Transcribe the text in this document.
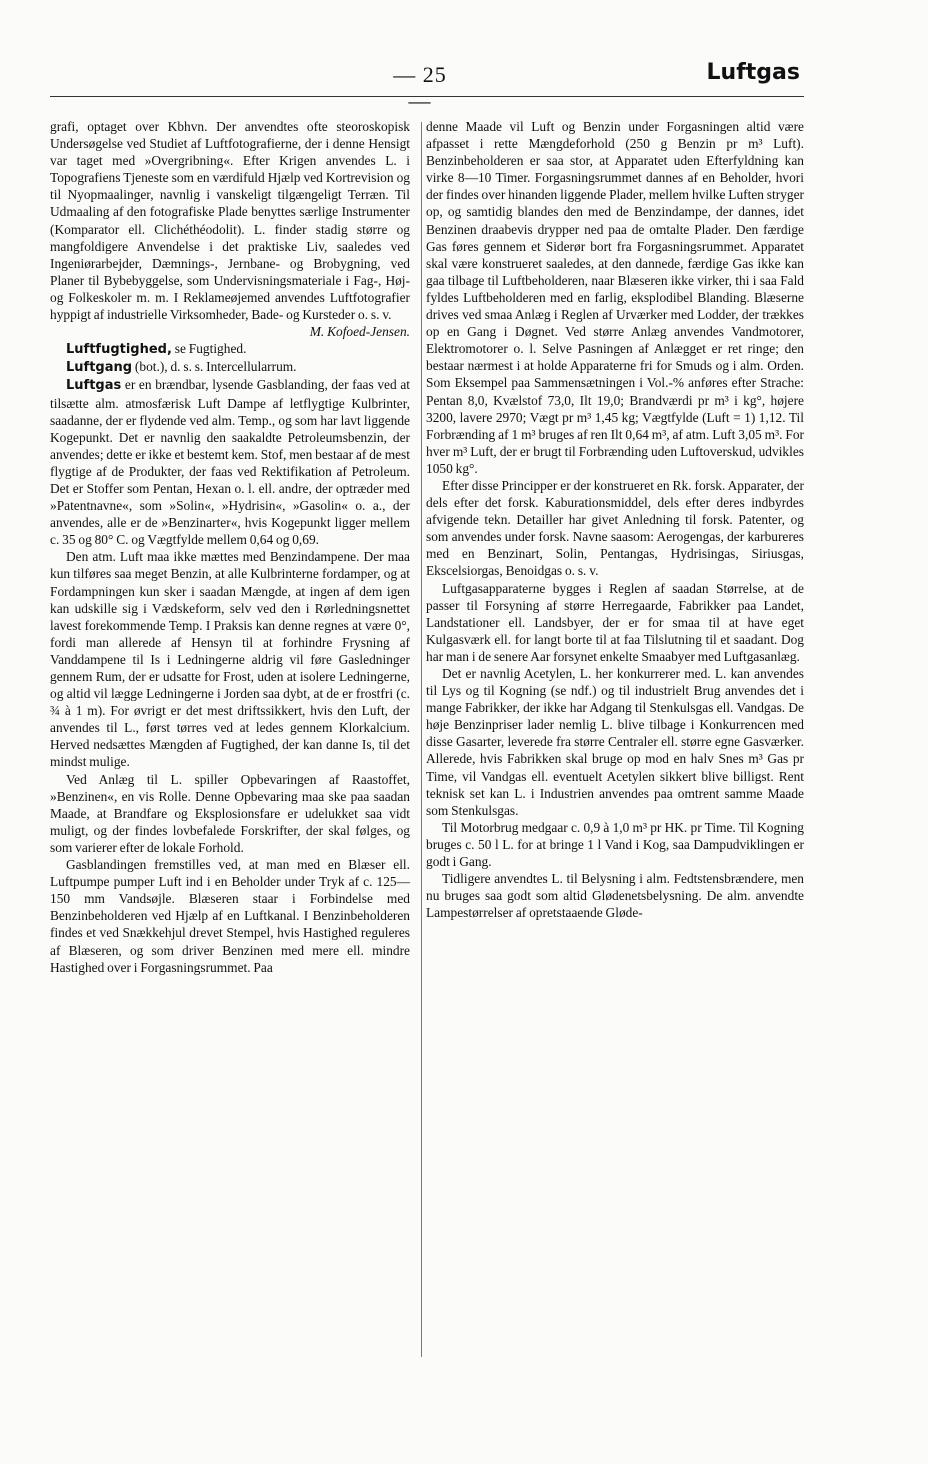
— 25 —
Luftgas

grafi, optaget over Kbhvn. Der anvendtes ofte steoroskopisk Undersøgelse ved Studiet af Luftfotografierne, der i denne Hensigt var taget med »Overgribning«. Efter Krigen anvendes L. i Topografiens Tjeneste som en værdifuld Hjælp ved Kortrevision og til Nyopmaalinger, navnlig i vanskeligt tilgængeligt Terræn. Til Udmaaling af den fotografiske Plade benyttes særlige Instrumenter (Komparator ell. Clichéthéodolit). L. finder stadig større og mangfoldigere Anvendelse i det praktiske Liv, saaledes ved Ingeniørarbejder, Dæmnings-, Jernbane- og Brobygning, ved Planer til Bybebyggelse, som Undervisningsmateriale i Fag-, Høj- og Folkeskoler m. m. I Reklameøjemed anvendes Luftfotografier hyppigt af industrielle Virksomheder, Bade- og Kursteder o. s. v.

M. Kofoed-Jensen.

Luftfugtighed, se Fugtighed.

Luftgang (bot.), d. s. s. Intercellularrum.

Luftgas er en brændbar, lysende Gasblanding, der faas ved at tilsætte alm. atmosfærisk Luft Dampe af letflygtige Kulbrinter, saadanne, der er flydende ved alm. Temp., og som har lavt liggende Kogepunkt. Det er navnlig den saakaldte Petroleumsbenzin, der anvendes; dette er ikke et bestemt kem. Stof, men bestaar af de mest flygtige af de Produkter, der faas ved Rektifikation af Petroleum. Det er Stoffer som Pentan, Hexan o. l. ell. andre, der optræder med »Patentnavne«, som »Solin«, »Hydrisin«, »Gasolin« o. a., der anvendes, alle er de »Benzinarter«, hvis Kogepunkt ligger mellem c. 35 og 80° C. og Vægtfylde mellem 0,64 og 0,69.

Den atm. Luft maa ikke mættes med Benzindampene. Der maa kun tilføres saa meget Benzin, at alle Kulbrinterne fordamper, og at Fordampningen kun sker i saadan Mængde, at ingen af dem igen kan udskille sig i Vædskeform, selv ved den i Rørledningsnettet lavest forekommende Temp. I Praksis kan denne regnes at være 0°, fordi man allerede af Hensyn til at forhindre Frysning af Vanddampene til Is i Ledningerne aldrig vil føre Gasledninger gennem Rum, der er udsatte for Frost, uden at isolere Ledningerne, og altid vil lægge Ledningerne i Jorden saa dybt, at de er frostfri (c. ¾ à 1 m). For øvrigt er det mest driftssikkert, hvis den Luft, der anvendes til L., først tørres ved at ledes gennem Klorkalcium. Herved nedsættes Mængden af Fugtighed, der kan danne Is, til det mindst mulige.

Ved Anlæg til L. spiller Opbevaringen af Raastoffet, »Benzinen«, en vis Rolle. Denne Opbevaring maa ske paa saadan Maade, at Brandfare og Eksplosionsfare er udelukket saa vidt muligt, og der findes lovbefalede Forskrifter, der skal følges, og som varierer efter de lokale Forhold.

Gasblandingen fremstilles ved, at man med en Blæser ell. Luftpumpe pumper Luft ind i en Beholder under Tryk af c. 125—150 mm Vandsøjle. Blæseren staar i Forbindelse med Benzinbeholderen ved Hjælp af en Luftkanal. I Benzinbeholderen findes et ved Snækkehjul drevet Stempel, hvis Hastighed reguleres af Blæseren, og som driver Benzinen med mere ell. mindre Hastighed over i Forgasningsrummet. Paa

denne Maade vil Luft og Benzin under Forgasningen altid være afpasset i rette Mængdeforhold (250 g Benzin pr m³ Luft). Benzinbeholderen er saa stor, at Apparatet uden Efterfyldning kan virke 8—10 Timer. Forgasningsrummet dannes af en Beholder, hvori der findes over hinanden liggende Plader, mellem hvilke Luften stryger op, og samtidig blandes den med de Benzindampe, der dannes, idet Benzinen draabevis drypper ned paa de omtalte Plader. Den færdige Gas føres gennem et Siderør bort fra Forgasningsrummet. Apparatet skal være konstrueret saaledes, at den dannede, færdige Gas ikke kan gaa tilbage til Luftbeholderen, naar Blæseren ikke virker, thi i saa Fald fyldes Luftbeholderen med en farlig, eksplodibel Blanding. Blæserne drives ved smaa Anlæg i Reglen af Urværker med Lodder, der trækkes op en Gang i Døgnet. Ved større Anlæg anvendes Vandmotorer, Elektromotorer o. l. Selve Pasningen af Anlægget er ret ringe; den bestaar nærmest i at holde Apparaterne fri for Smuds og i alm. Orden. Som Eksempel paa Sammensætningen i Vol.-% anføres efter Strache: Pentan 8,0, Kvælstof 73,0, Ilt 19,0; Brandværdi pr m³ i kg°, højere 3200, lavere 2970; Vægt pr m³ 1,45 kg; Vægtfylde (Luft = 1) 1,12. Til Forbrænding af 1 m³ bruges af ren Ilt 0,64 m³, af atm. Luft 3,05 m³. For hver m³ Luft, der er brugt til Forbrænding uden Luftoverskud, udvikles 1050 kg°.

Efter disse Principper er der konstrueret en Rk. forsk. Apparater, der dels efter det forsk. Kaburationsmiddel, dels efter deres indbyrdes afvigende tekn. Detailler har givet Anledning til forsk. Patenter, og som anvendes under forsk. Navne saasom: Aerogengas, der karbureres med en Benzinart, Solin, Pentangas, Hydrisingas, Siriusgas, Ekscelsiorgas, Benoidgas o. s. v.

Luftgasapparaterne bygges i Reglen af saadan Størrelse, at de passer til Forsyning af større Herregaarde, Fabrikker paa Landet, Landstationer ell. Landsbyer, der er for smaa til at have eget Kulgasværk ell. for langt borte til at faa Tilslutning til et saadant. Dog har man i de senere Aar forsynet enkelte Smaabyer med Luftgasanlæg.

Det er navnlig Acetylen, L. her konkurrerer med. L. kan anvendes til Lys og til Kogning (se ndf.) og til industrielt Brug anvendes det i mange Fabrikker, der ikke har Adgang til Stenkulsgas ell. Vandgas. De høje Benzinpriser lader nemlig L. blive tilbage i Konkurrencen med disse Gasarter, leverede fra større Centraler ell. større egne Gasværker. Allerede, hvis Fabrikken skal bruge op mod en halv Snes m³ Gas pr Time, vil Vandgas ell. eventuelt Acetylen sikkert blive billigst. Rent teknisk set kan L. i Industrien anvendes paa omtrent samme Maade som Stenkulsgas.

Til Motorbrug medgaar c. 0,9 à 1,0 m³ pr HK. pr Time. Til Kogning bruges c. 50 l L. for at bringe 1 l Vand i Kog, saa Dampudviklingen er godt i Gang.

Tidligere anvendtes L. til Belysning i alm. Fedtstensbrændere, men nu bruges saa godt som altid Glødenetsbelysning. De alm. anvendte Lampestørrelser af opretstaaende Gløde-
